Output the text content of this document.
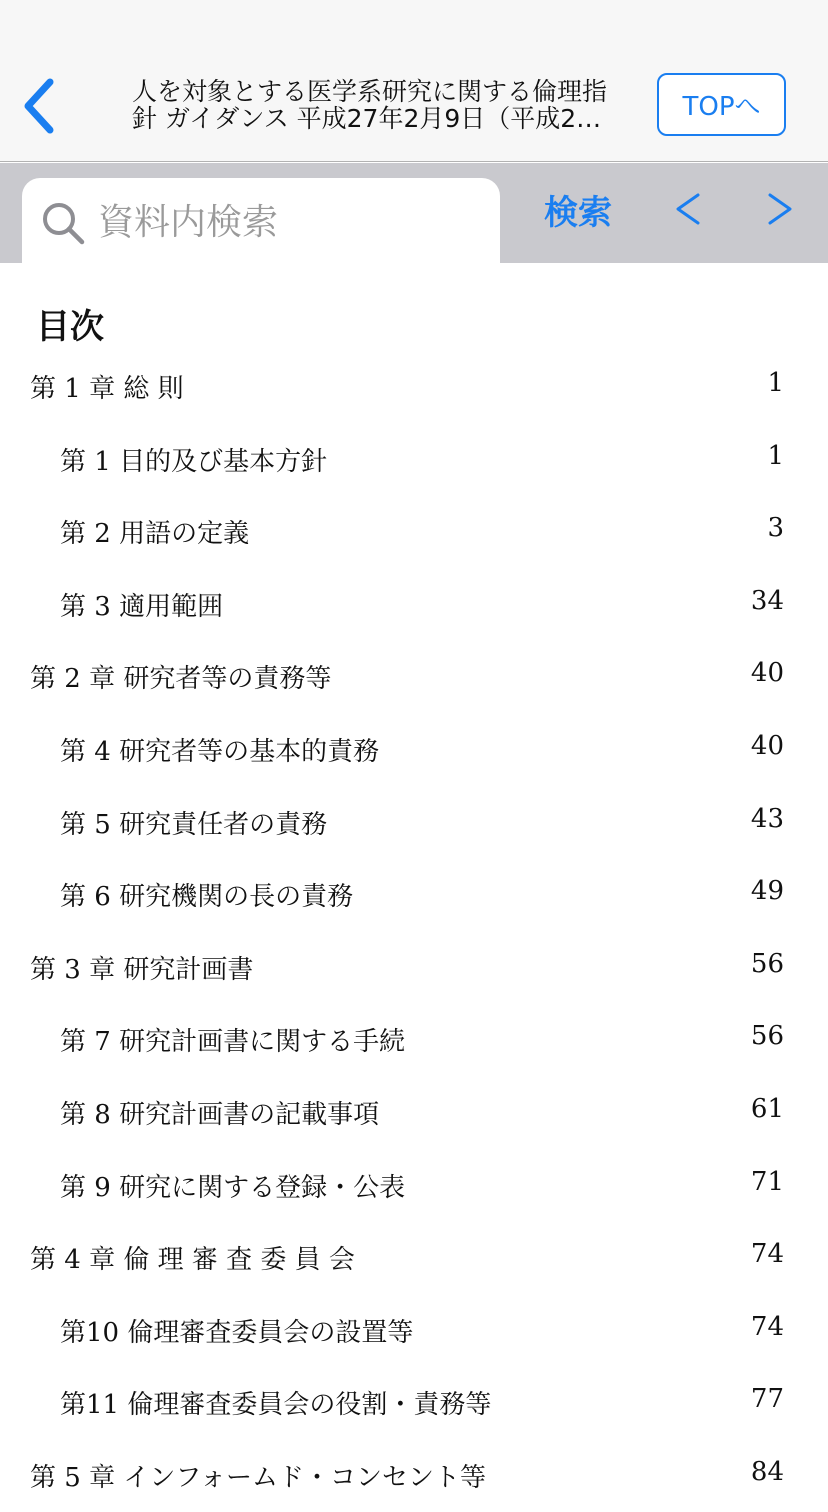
人を対象とする医学系研究に関する倫理指
針 ガイダンス 平成27年2月9日（平成2…	TOPへ
資料内検索
検索
目次
第 1 章 総 則	1
第 1 目的及び基本方針	1
第 2 用語の定義	3
第 3 適用範囲	34
第 2 章 研究者等の責務等	40
第 4 研究者等の基本的責務	40
第 5 研究責任者の責務	43
第 6 研究機関の長の責務	49
第 3 章 研究計画書	56
第 7 研究計画書に関する手続	56
第 8 研究計画書の記載事項	61
第 9 研究に関する登録・公表	71
第 4 章 倫 理 審 査 委 員 会	74
第10 倫理審査委員会の設置等	74
第11 倫理審査委員会の役割・責務等	77
第 5 章 インフォームド・コンセント等	84
